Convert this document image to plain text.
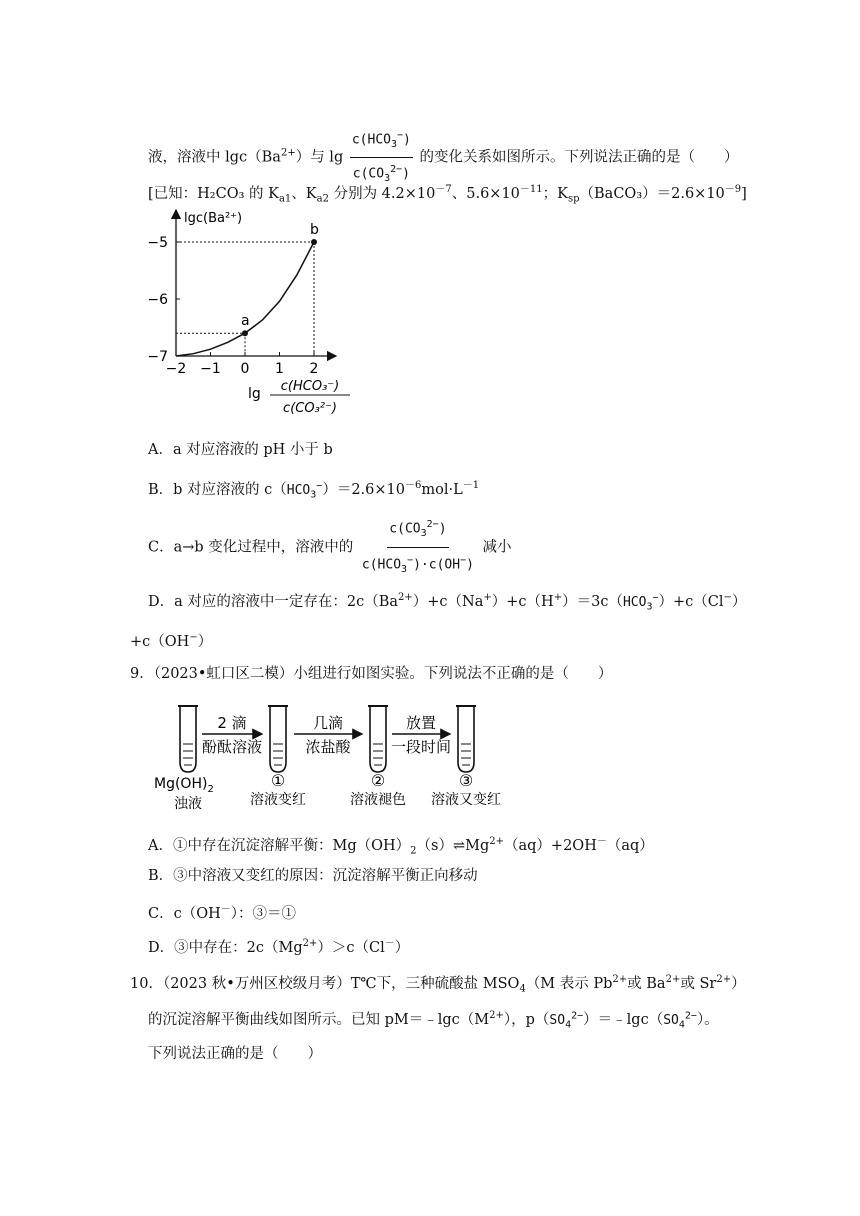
液，溶液中 $\lg c(Ba^{2+})$与 $\lg \frac{c(HCO_3^-)}{c(CO_3^{2-})}$ 的变化关系如图所示。下列说法正确的是（　　）
[已知：H₂CO₃ 的 $K_{a1}$、$K_{a2}$ 分别为 $4.2\times 10^{-7}$、$5.6\times 10^{-11}$；$K_{sp}(BaCO_3)=2.6\times 10^{-9}$]
lgc(Ba²⁺)
−5
−6
−7
−2 −1 0 1 2
a
b
lg c(HCO₃⁻)
c(CO₃²⁻)
A．a 对应溶液的 pH 小于 b
B．b 对应溶液的 $c(HCO_3^-)=2.6\times 10^{-6}mol\cdot L^{-1}$
C．a→b 变化过程中，溶液中的 $\frac{c(CO_3^{2-})}{c(HCO_3^-)\cdot c(OH^-)}$ 减小
D．a 对应的溶液中一定存在：$2c(Ba^{2+})+c(Na^+)+c(H^+)=3c(HCO_3^-)+c(Cl^-)$
+c（OH−）
9．（2023•虹口区二模）小组进行如图实验。下列说法不正确的是（　　）
2 滴
酚酞溶液
几滴
浓盐酸
放置
一段时间
$Mg(OH)_2$
浊液
①
溶液变红
②
溶液褪色
③
溶液又变红
A．①中存在沉淀溶解平衡：$Mg(OH)_2(s)\rightleftharpoons Mg^{2+}(aq)+2OH^-(aq)$
B．③中溶液又变红的原因：沉淀溶解平衡正向移动
C．c（OH－）：③＝①
D．③中存在：$2c(Mg^{2+})>c(Cl^-)$
10．（2023 秋•万州区校级月考）T℃下，三种硫酸盐 $MSO_4(M$ 表示 $Pb^{2+}$或 $Ba^{2+}$或 $Sr^{2+}$）
的沉淀溶解平衡曲线如图所示。已知 $pM=﹣\lg c(M^{2+})$，$p(SO_4^{2-})=﹣\lg c(SO_4^{2-})$。
下列说法正确的是（　　）
